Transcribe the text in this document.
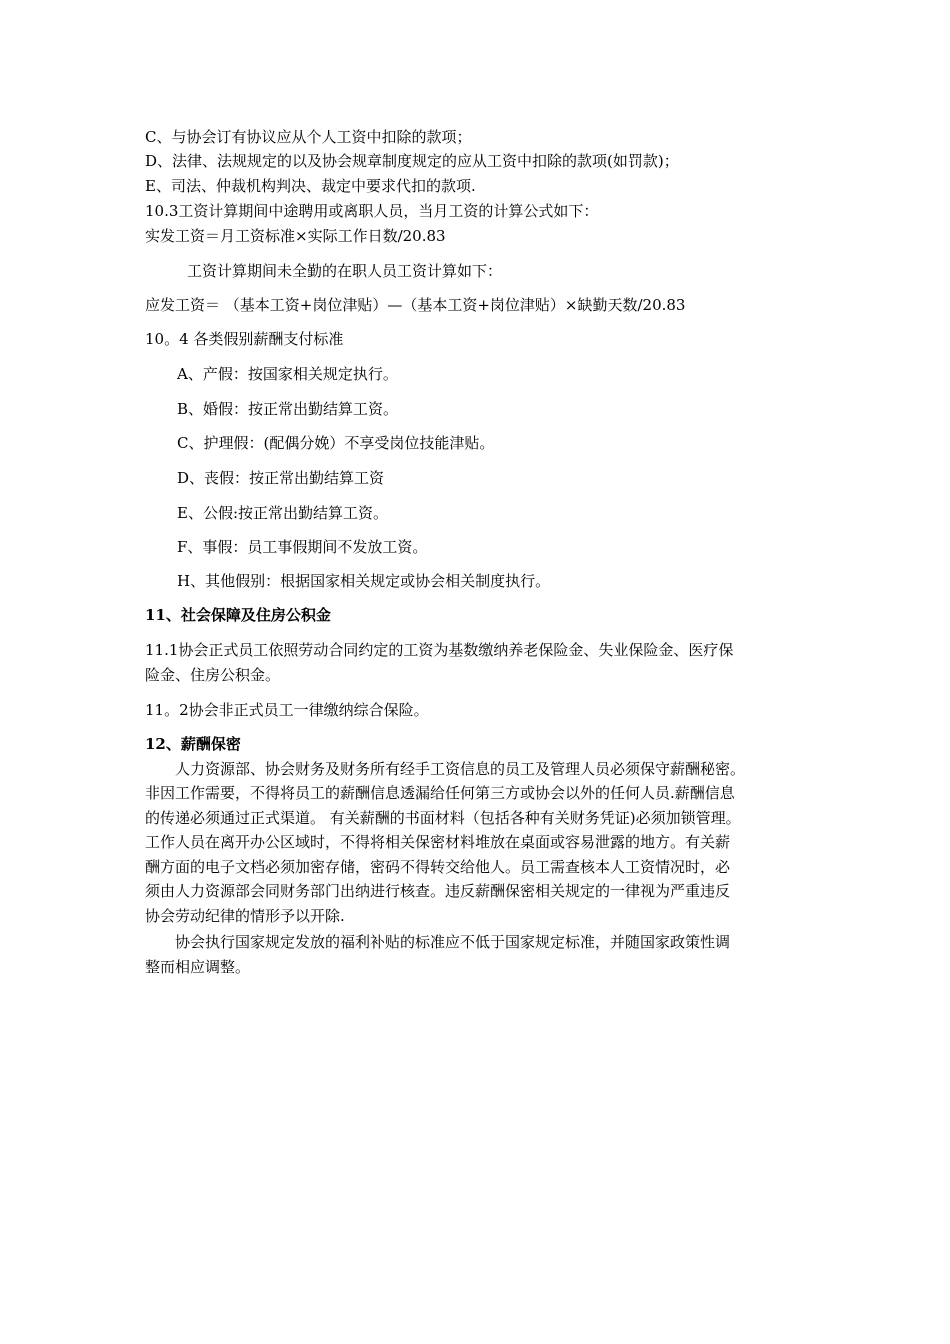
C、与协会订有协议应从个人工资中扣除的款项；
D、法律、法规规定的以及协会规章制度规定的应从工资中扣除的款项(如罚款)；
E、司法、仲裁机构判决、裁定中要求代扣的款项.
10.3工资计算期间中途聘用或离职人员，当月工资的计算公式如下：
实发工资＝月工资标准×实际工作日数/20.83
工资计算期间未全勤的在职人员工资计算如下：
应发工资＝ （基本工资+岗位津贴）—（基本工资+岗位津贴）×缺勤天数/20.83
10。4 各类假别薪酬支付标准
A、产假：按国家相关规定执行。
B、婚假：按正常出勤结算工资。
C、护理假：(配偶分娩）不享受岗位技能津贴。
D、丧假：按正常出勤结算工资
E、公假:按正常出勤结算工资。
F、事假：员工事假期间不发放工资。
H、其他假别：根据国家相关规定或协会相关制度执行。
11、社会保障及住房公积金
11.1协会正式员工依照劳动合同约定的工资为基数缴纳养老保险金、失业保险金、医疗保
险金、住房公积金。
11。2协会非正式员工一律缴纳综合保险。
12、薪酬保密
人力资源部、协会财务及财务所有经手工资信息的员工及管理人员必须保守薪酬秘密。
非因工作需要，不得将员工的薪酬信息透漏给任何第三方或协会以外的任何人员.薪酬信息
的传递必须通过正式渠道。 有关薪酬的书面材料（包括各种有关财务凭证)必须加锁管理。
工作人员在离开办公区域时，不得将相关保密材料堆放在桌面或容易泄露的地方。有关薪
酬方面的电子文档必须加密存储，密码不得转交给他人。员工需查核本人工资情况时，必
须由人力资源部会同财务部门出纳进行核查。违反薪酬保密相关规定的一律视为严重违反
协会劳动纪律的情形予以开除.
协会执行国家规定发放的福利补贴的标准应不低于国家规定标准，并随国家政策性调
整而相应调整。
